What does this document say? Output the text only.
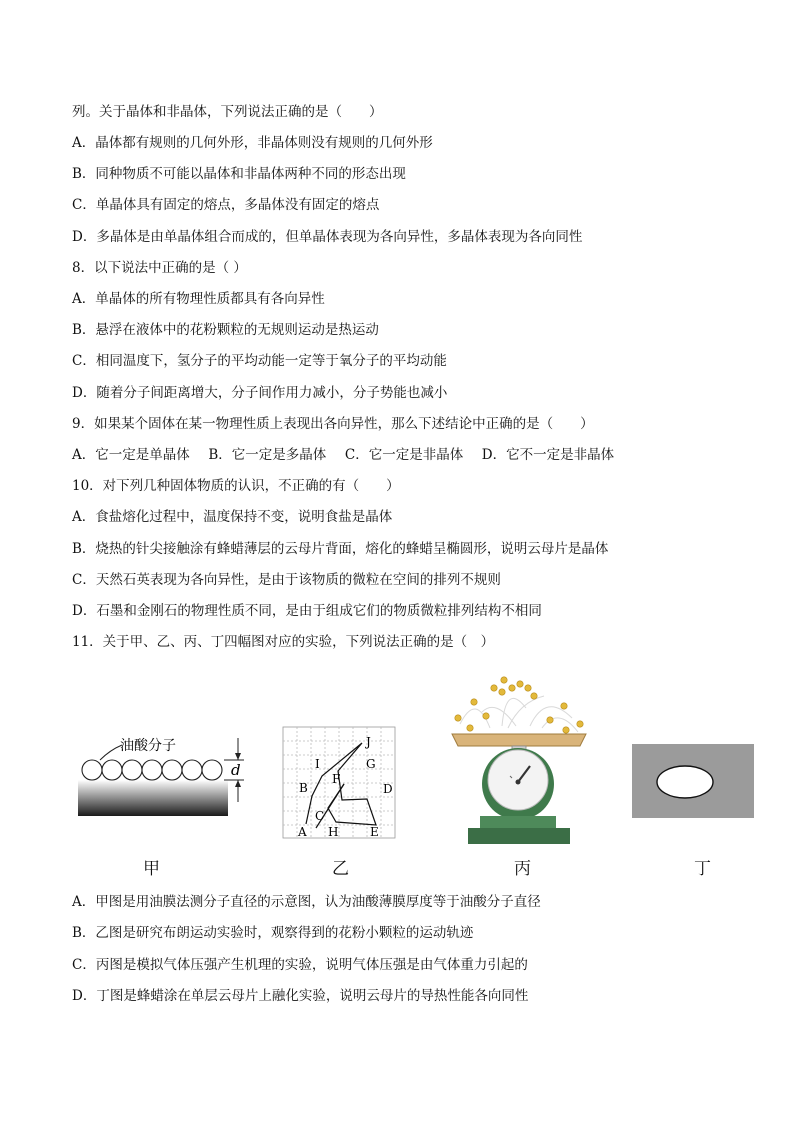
列。关于晶体和非晶体，下列说法正确的是（　　）
A．晶体都有规则的几何外形，非晶体则没有规则的几何外形
B．同种物质不可能以晶体和非晶体两种不同的形态出现
C．单晶体具有固定的熔点，多晶体没有固定的熔点
D．多晶体是由单晶体组合而成的，但单晶体表现为各向异性，多晶体表现为各向同性
8．以下说法中正确的是（ ）
A．单晶体的所有物理性质都具有各向异性
B．悬浮在液体中的花粉颗粒的无规则运动是热运动
C．相同温度下，氢分子的平均动能一定等于氧分子的平均动能
D．随着分子间距离增大，分子间作用力减小，分子势能也减小
9．如果某个固体在某一物理性质上表现出各向异性，那么下述结论中正确的是（　　）
A．它一定是单晶体 B．它一定是多晶体 C．它一定是非晶体 D．它不一定是非晶体
10．对下列几种固体物质的认识，不正确的有（　　）
A．食盐熔化过程中，温度保持不变，说明食盐是晶体
B．烧热的针尖接触涂有蜂蜡薄层的云母片背面，熔化的蜂蜡呈椭圆形，说明云母片是晶体
C．天然石英表现为各向异性，是由于该物质的微粒在空间的排列不规则
D．石墨和金刚石的物理性质不同，是由于组成它们的物质微粒排列结构不相同
11．关于甲、乙、丙、丁四幅图对应的实验，下列说法正确的是（　）
油酸分子
d
J
I	G
F
B	D
C
A H	E
甲	乙	丙	丁
A．甲图是用油膜法测分子直径的示意图，认为油酸薄膜厚度等于油酸分子直径
B．乙图是研究布朗运动实验时，观察得到的花粉小颗粒的运动轨迹
C．丙图是模拟气体压强产生机理的实验，说明气体压强是由气体重力引起的
D．丁图是蜂蜡涂在单层云母片上融化实验，说明云母片的导热性能各向同性
